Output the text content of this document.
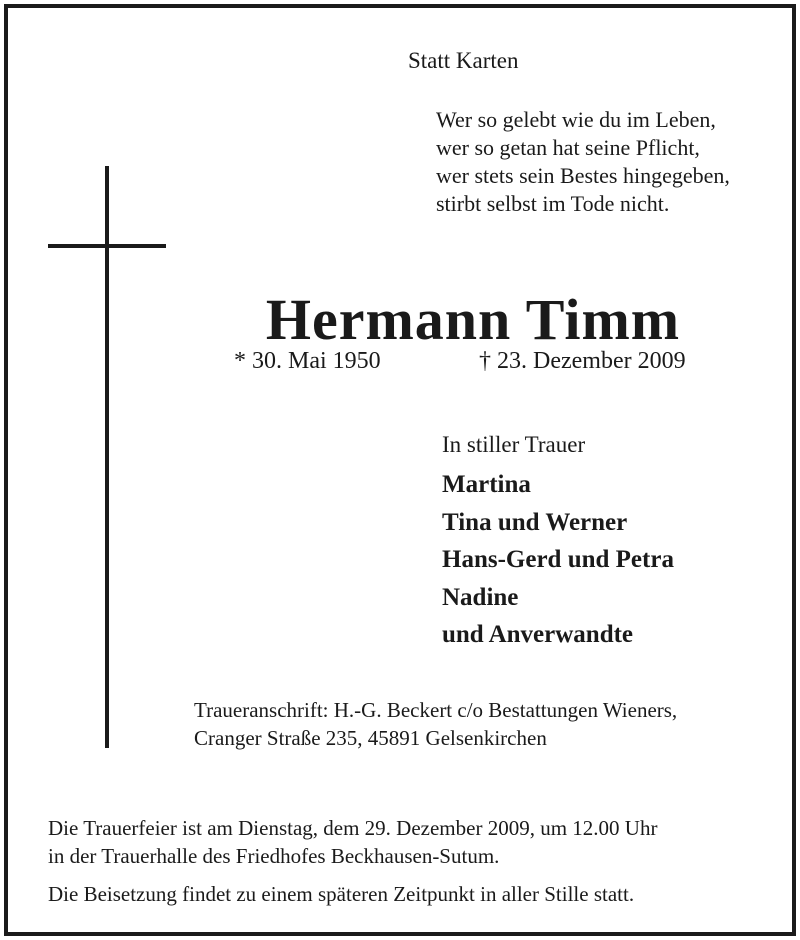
Statt Karten
Wer so gelebt wie du im Leben,
wer so getan hat seine Pflicht,
wer stets sein Bestes hingegeben,
stirbt selbst im Tode nicht.
Hermann Timm
* 30. Mai 1950	† 23. Dezember 2009
In stiller Trauer
Martina
Tina und Werner
Hans-Gerd und Petra
Nadine
und Anverwandte
Traueranschrift: H.-G. Beckert c/o Bestattungen Wieners,
Cranger Straße 235, 45891 Gelsenkirchen
Die Trauerfeier ist am Dienstag, dem 29. Dezember 2009, um 12.00 Uhr
in der Trauerhalle des Friedhofes Beckhausen-Sutum.
Die Beisetzung findet zu einem späteren Zeitpunkt in aller Stille statt.
